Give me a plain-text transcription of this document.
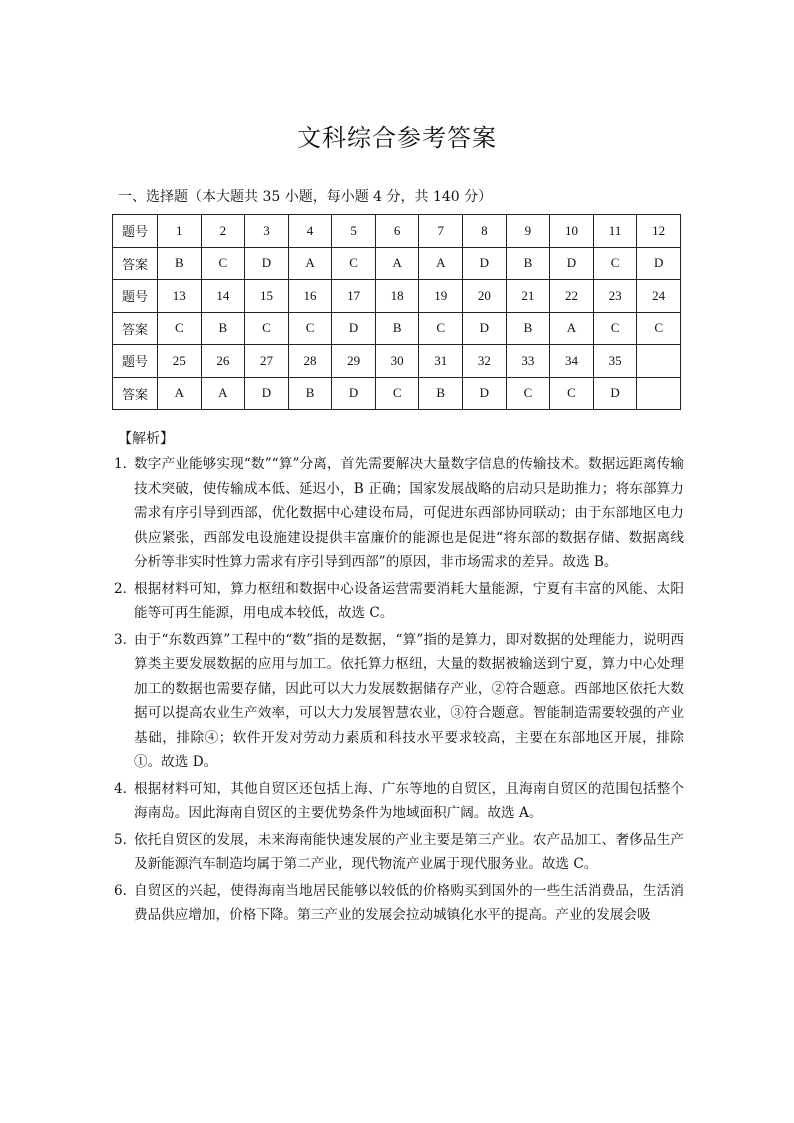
文科综合参考答案
一、选择题（本大题共 35 小题，每小题 4 分，共 140 分）
题号	1	2	3	4	5	6	7	8	9	10	11	12
答案	B	C	D	A	C	A	A	D	B	D	C	D
题号	13	14	15	16	17	18	19	20	21	22	23	24
答案	C	B	C	C	D	B	C	D	B	A	C	C
题号	25	26	27	28	29	30	31	32	33	34	35	
答案	A	A	D	B	D	C	B	D	C	C	D	
【解析】
1．
数字产业能够实现“数”“算”分离，首先需要解决大量数字信息的传输技术。数据远距离传输技术突破，使传输成本低、延迟小，B 正确；国家发展战略的启动只是助推力；将东部算力需求有序引导到西部，优化数据中心建设布局，可促进东西部协同联动；由于东部地区电力供应紧张，西部发电设施建设提供丰富廉价的能源也是促进“将东部的数据存储、数据离线分析等非实时性算力需求有序引导到西部”的原因，非市场需求的差异。故选 B。
2．
根据材料可知，算力枢纽和数据中心设备运营需要消耗大量能源，宁夏有丰富的风能、太阳能等可再生能源，用电成本较低，故选 C。
3．
由于“东数西算”工程中的“数”指的是数据，“算”指的是算力，即对数据的处理能力，说明西算类主要发展数据的应用与加工。依托算力枢纽，大量的数据被输送到宁夏，算力中心处理加工的数据也需要存储，因此可以大力发展数据储存产业，②符合题意。西部地区依托大数据可以提高农业生产效率，可以大力发展智慧农业，③符合题意。智能制造需要较强的产业基础，排除④；软件开发对劳动力素质和科技水平要求较高，主要在东部地区开展，排除①。故选 D。
4．
根据材料可知，其他自贸区还包括上海、广东等地的自贸区，且海南自贸区的范围包括整个海南岛。因此海南自贸区的主要优势条件为地域面积广阔。故选 A。
5．
依托自贸区的发展，未来海南能快速发展的产业主要是第三产业。农产品加工、奢侈品生产及新能源汽车制造均属于第二产业，现代物流产业属于现代服务业。故选 C。
6．
自贸区的兴起，使得海南当地居民能够以较低的价格购买到国外的一些生活消费品，生活消费品供应增加，价格下降。第三产业的发展会拉动城镇化水平的提高。产业的发展会吸
